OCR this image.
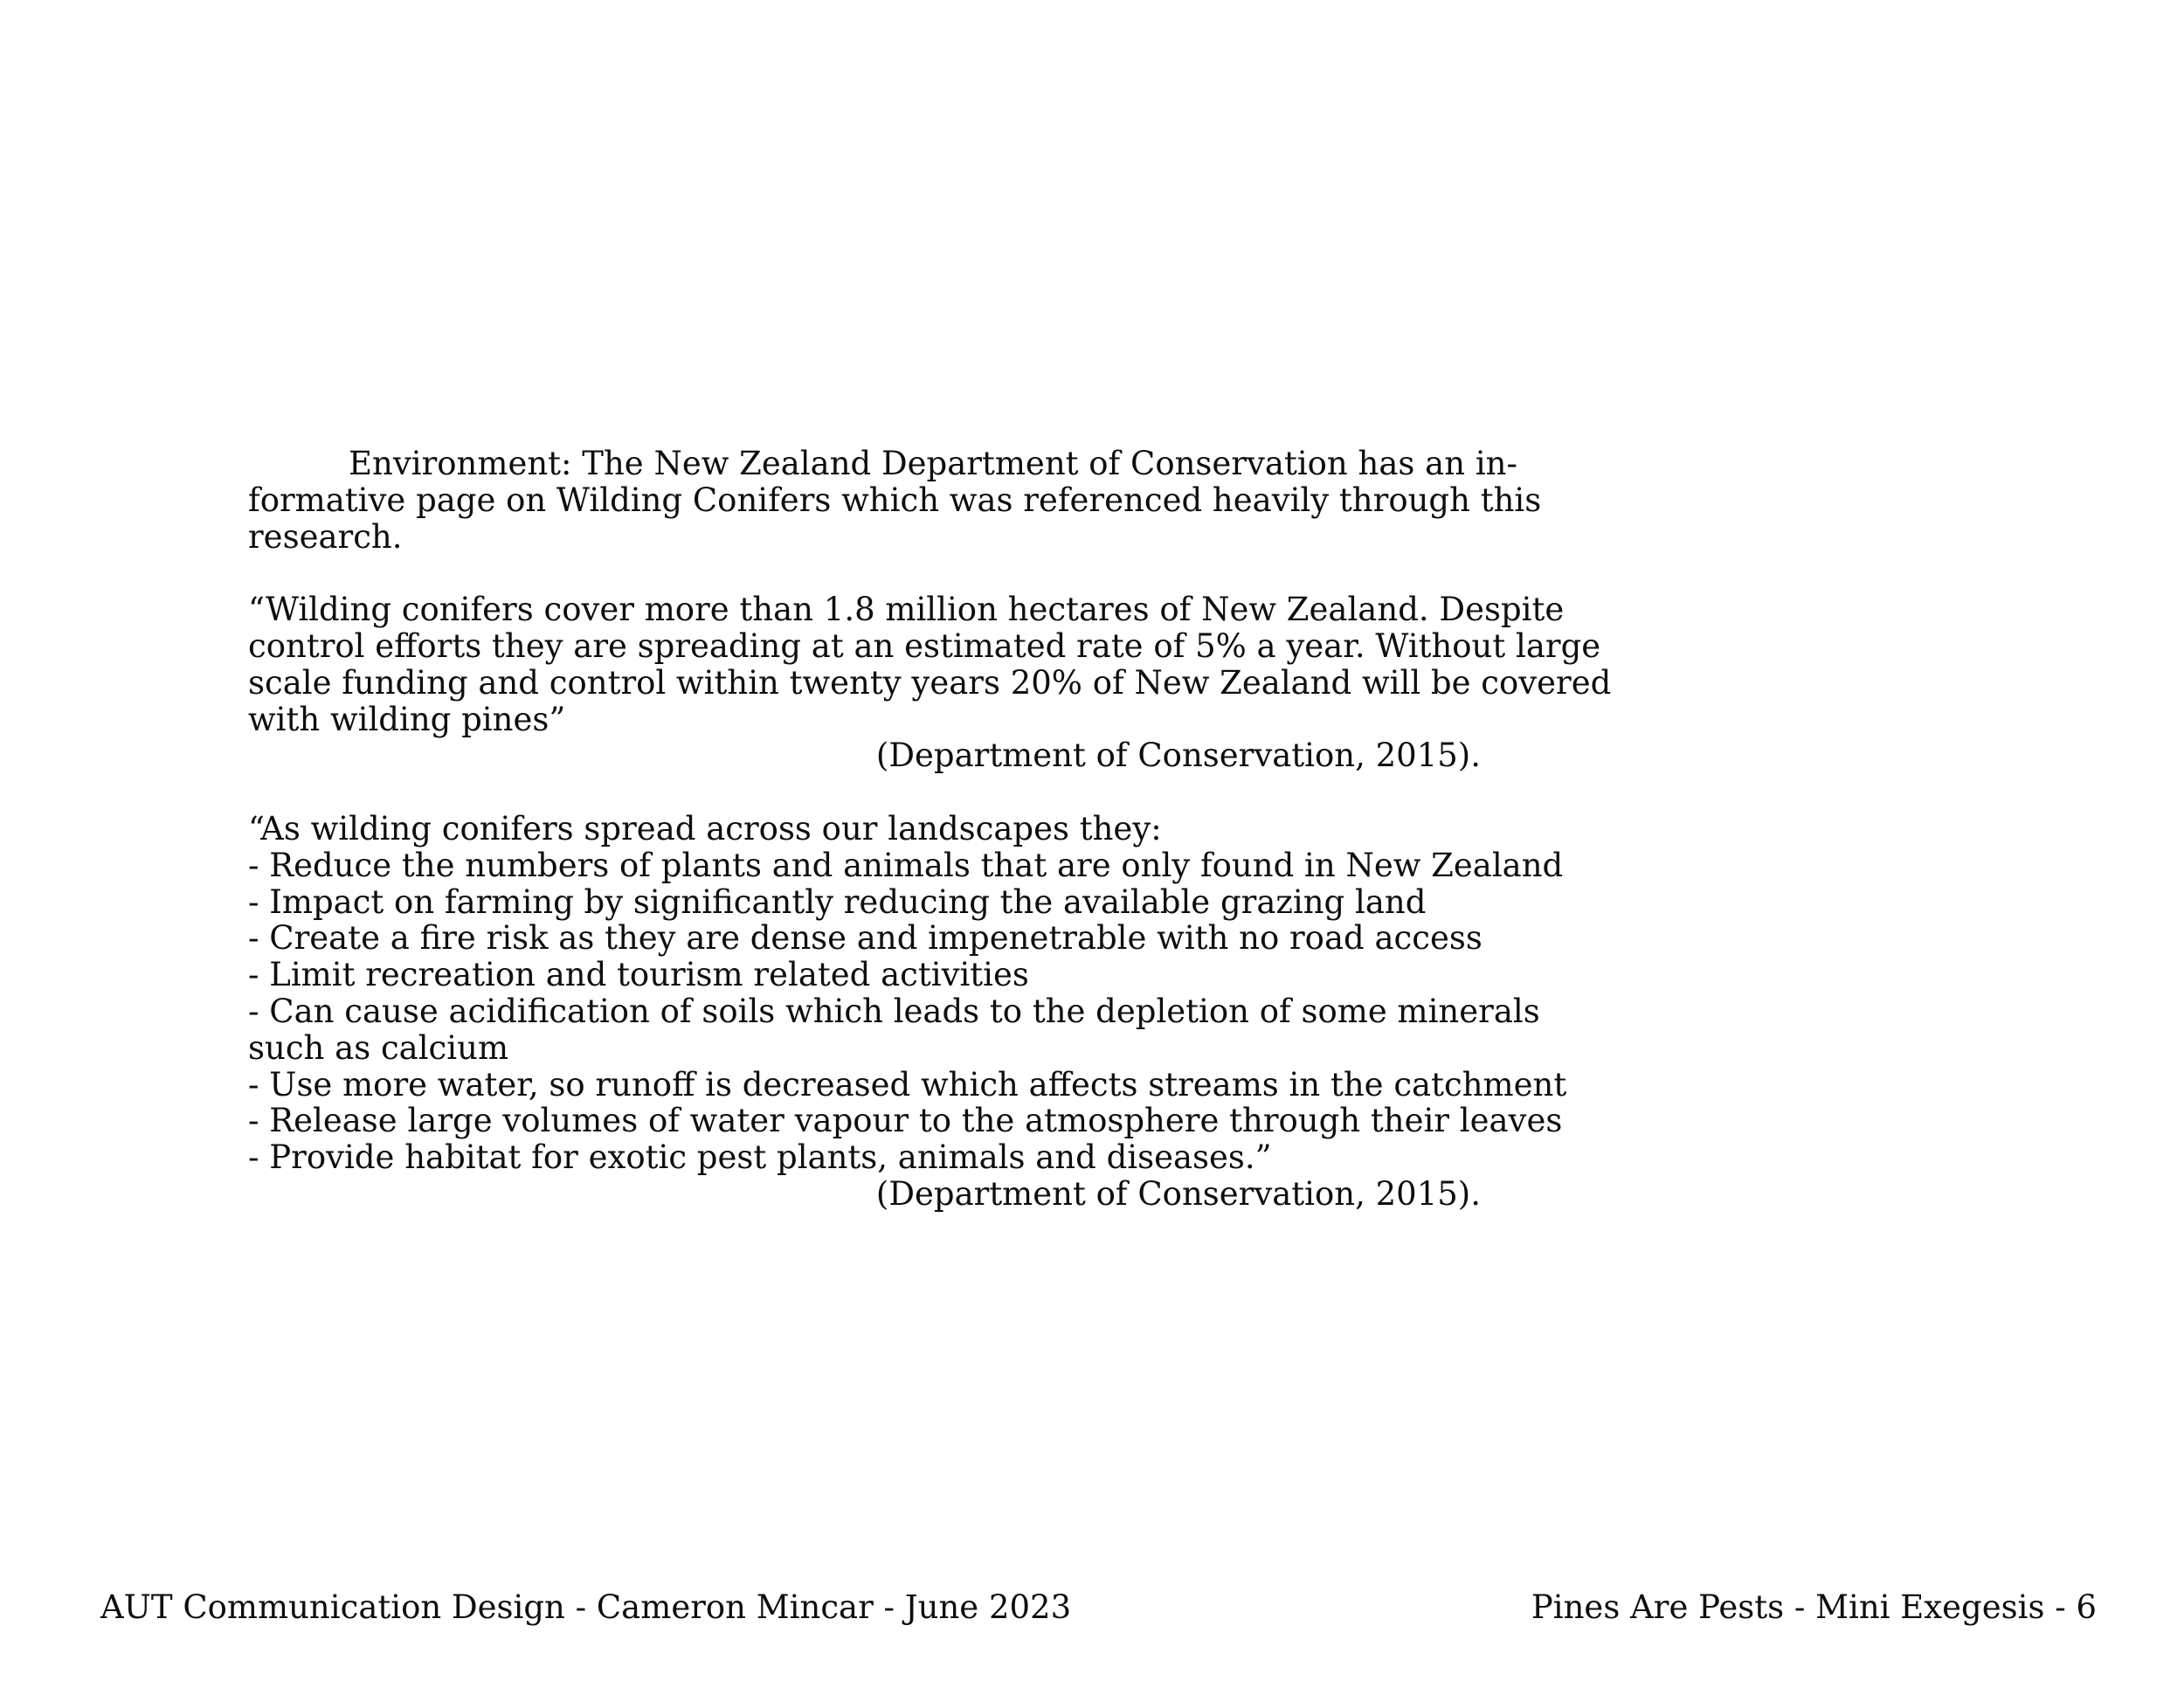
Environment: The New Zealand Department of Conservation has an in-
formative page on Wilding Conifers which was referenced heavily through this
research.
“Wilding conifers cover more than 1.8 million hectares of New Zealand. Despite
control efforts they are spreading at an estimated rate of 5% a year. Without large
scale funding and control within twenty years 20% of New Zealand will be covered
with wilding pines”
(Department of Conservation, 2015).
“As wilding conifers spread across our landscapes they:
- Reduce the numbers of plants and animals that are only found in New Zealand
- Impact on farming by significantly reducing the available grazing land
- Create a fire risk as they are dense and impenetrable with no road access
- Limit recreation and tourism related activities
- Can cause acidification of soils which leads to the depletion of some minerals
such as calcium
- Use more water, so runoff is decreased which affects streams in the catchment
- Release large volumes of water vapour to the atmosphere through their leaves
- Provide habitat for exotic pest plants, animals and diseases.”
(Department of Conservation, 2015).
AUT Communication Design - Cameron Mincar - June 2023	Pines Are Pests - Mini Exegesis - 6
